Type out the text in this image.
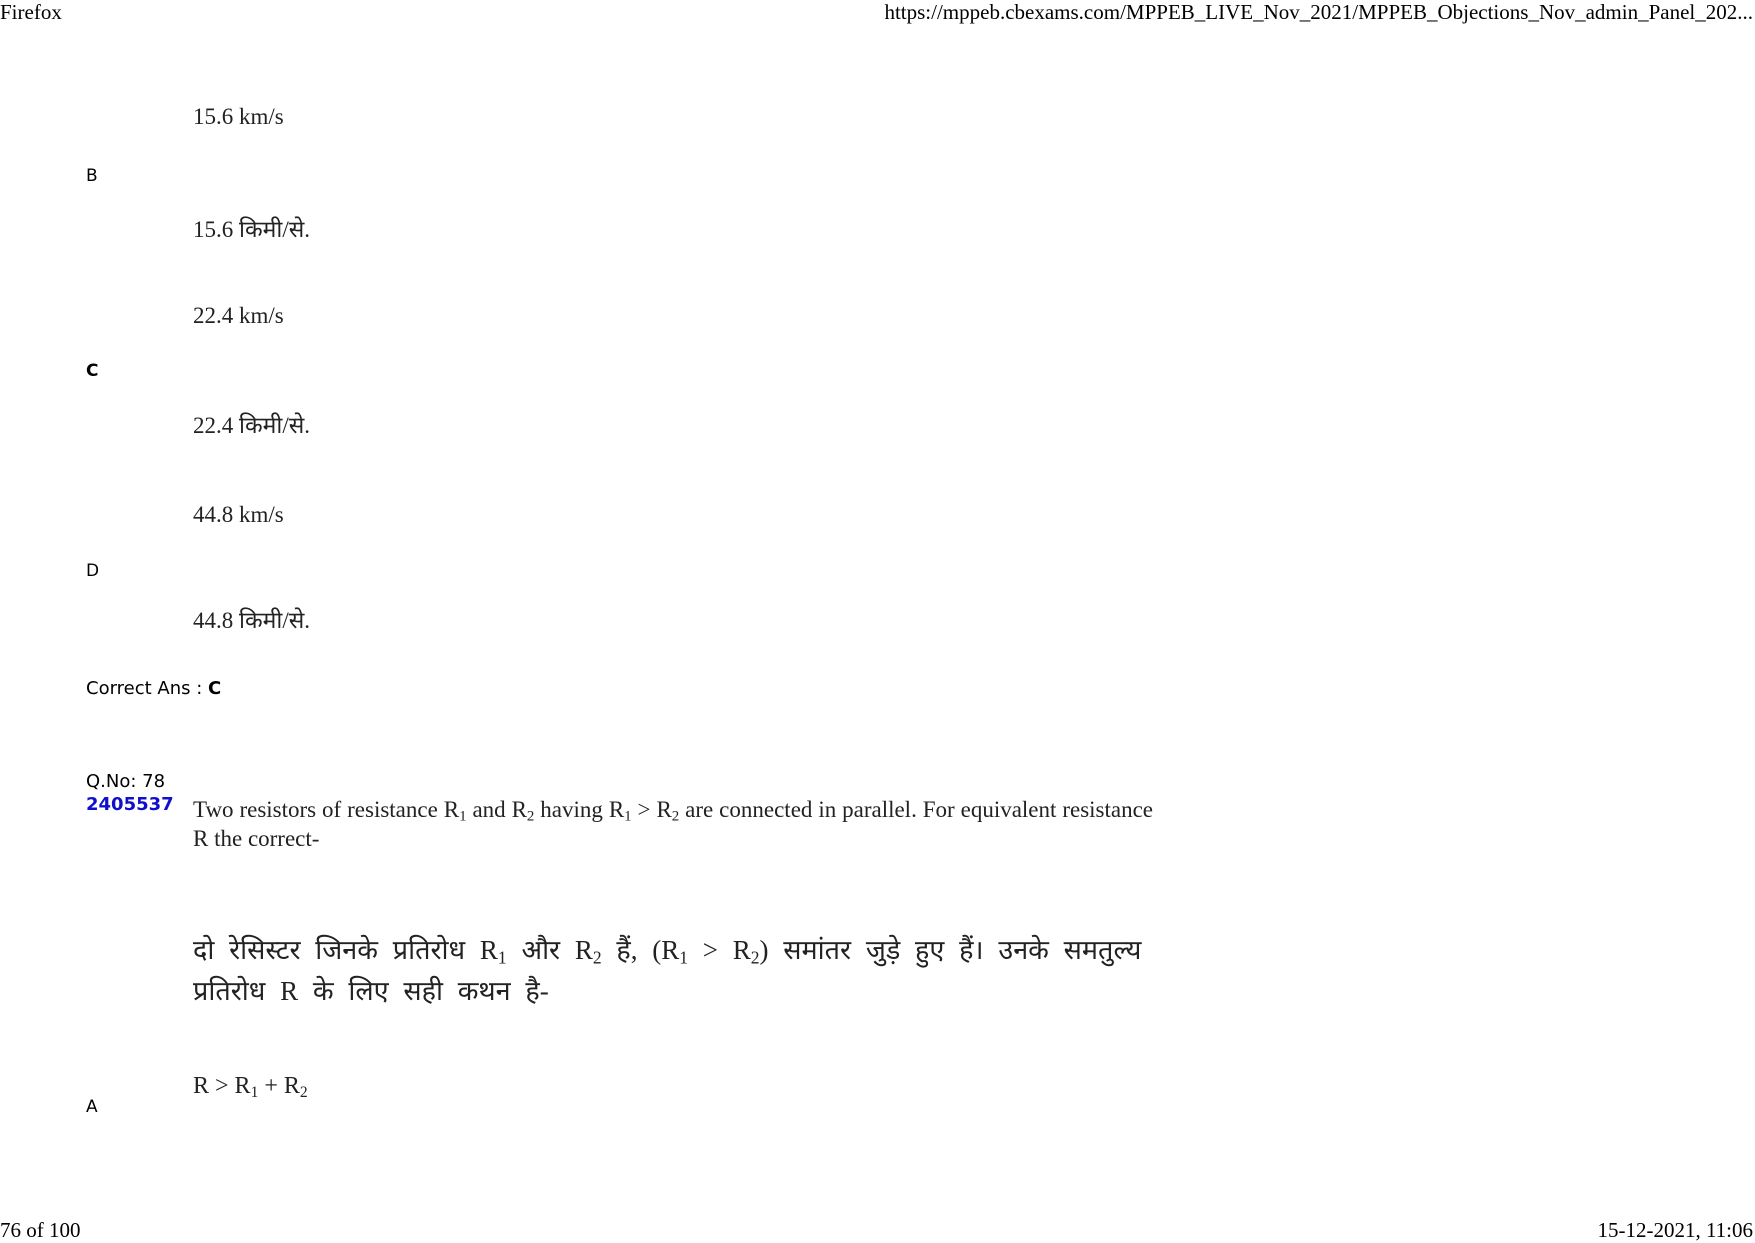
Firefox	https://mppeb.cbexams.com/MPPEB_LIVE_Nov_2021/MPPEB_Objections_Nov_admin_Panel_202...
15.6 km/s
B
15.6 किमी/से.
22.4 km/s
C
22.4 किमी/से.
44.8 km/s
D
44.8 किमी/से.
Correct Ans : C
Q.No: 78
2405537 Two resistors of resistance $R_1$ and $R_2$ having $R_1 > R_2$ are connected in parallel. For equivalent resistance R the correct-
दो रेसिस्टर जिनके प्रतिरोध $R_1$ और $R_2$ हैं, $(R_1 > R_2)$ समांतर जुड़े हुए हैं। उनके समतुल्य प्रतिरोध R के लिए सही कथन है-
$R > R_1 + R_2$
A
76 of 100	15-12-2021, 11:06
